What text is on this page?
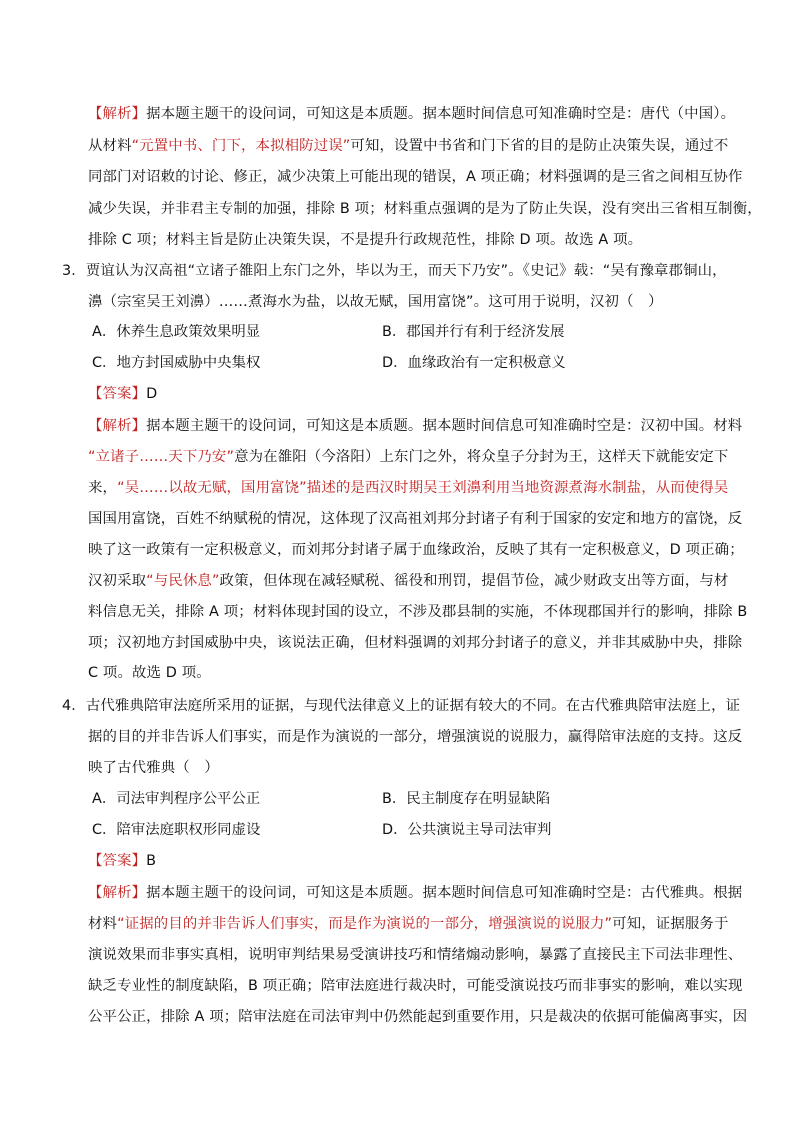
【解析】据本题主题干的设问词，可知这是本质题。据本题时间信息可知准确时空是：唐代（中国）。
从材料“元置中书、门下，本拟相防过误”可知，设置中书省和门下省的目的是防止决策失误，通过不
同部门对诏敕的讨论、修正，减少决策上可能出现的错误，A 项正确；材料强调的是三省之间相互协作
减少失误，并非君主专制的加强，排除 B 项；材料重点强调的是为了防止失误，没有突出三省相互制衡，
排除 C 项；材料主旨是防止决策失误，不是提升行政规范性，排除 D 项。故选 A 项。
3．贾谊认为汉高祖“立诸子雒阳上东门之外，毕以为王，而天下乃安”。《史记》载：“吴有豫章郡铜山，
濞（宗室吴王刘濞）……煮海水为盐，以故无赋，国用富饶”。这可用于说明，汉初（　）
A．休养生息政策效果明显	B．郡国并行有利于经济发展
C．地方封国威胁中央集权	D．血缘政治有一定积极意义
【答案】D
【解析】据本题主题干的设问词，可知这是本质题。据本题时间信息可知准确时空是：汉初中国。材料
“立诸子……天下乃安”意为在雒阳（今洛阳）上东门之外，将众皇子分封为王，这样天下就能安定下
来，“吴……以故无赋，国用富饶”描述的是西汉时期吴王刘濞利用当地资源煮海水制盐，从而使得吴
国国用富饶，百姓不纳赋税的情况，这体现了汉高祖刘邦分封诸子有利于国家的安定和地方的富饶，反
映了这一政策有一定积极意义，而刘邦分封诸子属于血缘政治，反映了其有一定积极意义，D 项正确；
汉初采取“与民休息”政策，但体现在减轻赋税、徭役和刑罚，提倡节俭，减少财政支出等方面，与材
料信息无关，排除 A 项；材料体现封国的设立，不涉及郡县制的实施，不体现郡国并行的影响，排除 B
项；汉初地方封国威胁中央，该说法正确，但材料强调的刘邦分封诸子的意义，并非其威胁中央，排除
C 项。故选 D 项。
4．古代雅典陪审法庭所采用的证据，与现代法律意义上的证据有较大的不同。在古代雅典陪审法庭上，证
据的目的并非告诉人们事实，而是作为演说的一部分，增强演说的说服力，赢得陪审法庭的支持。这反
映了古代雅典（　）
A．司法审判程序公平公正	B．民主制度存在明显缺陷
C．陪审法庭职权形同虚设	D．公共演说主导司法审判
【答案】B
【解析】据本题主题干的设问词，可知这是本质题。据本题时间信息可知准确时空是：古代雅典。根据
材料“证据的目的并非告诉人们事实，而是作为演说的一部分，增强演说的说服力”可知，证据服务于
演说效果而非事实真相，说明审判结果易受演讲技巧和情绪煽动影响，暴露了直接民主下司法非理性、
缺乏专业性的制度缺陷，B 项正确；陪审法庭进行裁决时，可能受演说技巧而非事实的影响，难以实现
公平公正，排除 A 项；陪审法庭在司法审判中仍然能起到重要作用，只是裁决的依据可能偏离事实，因
